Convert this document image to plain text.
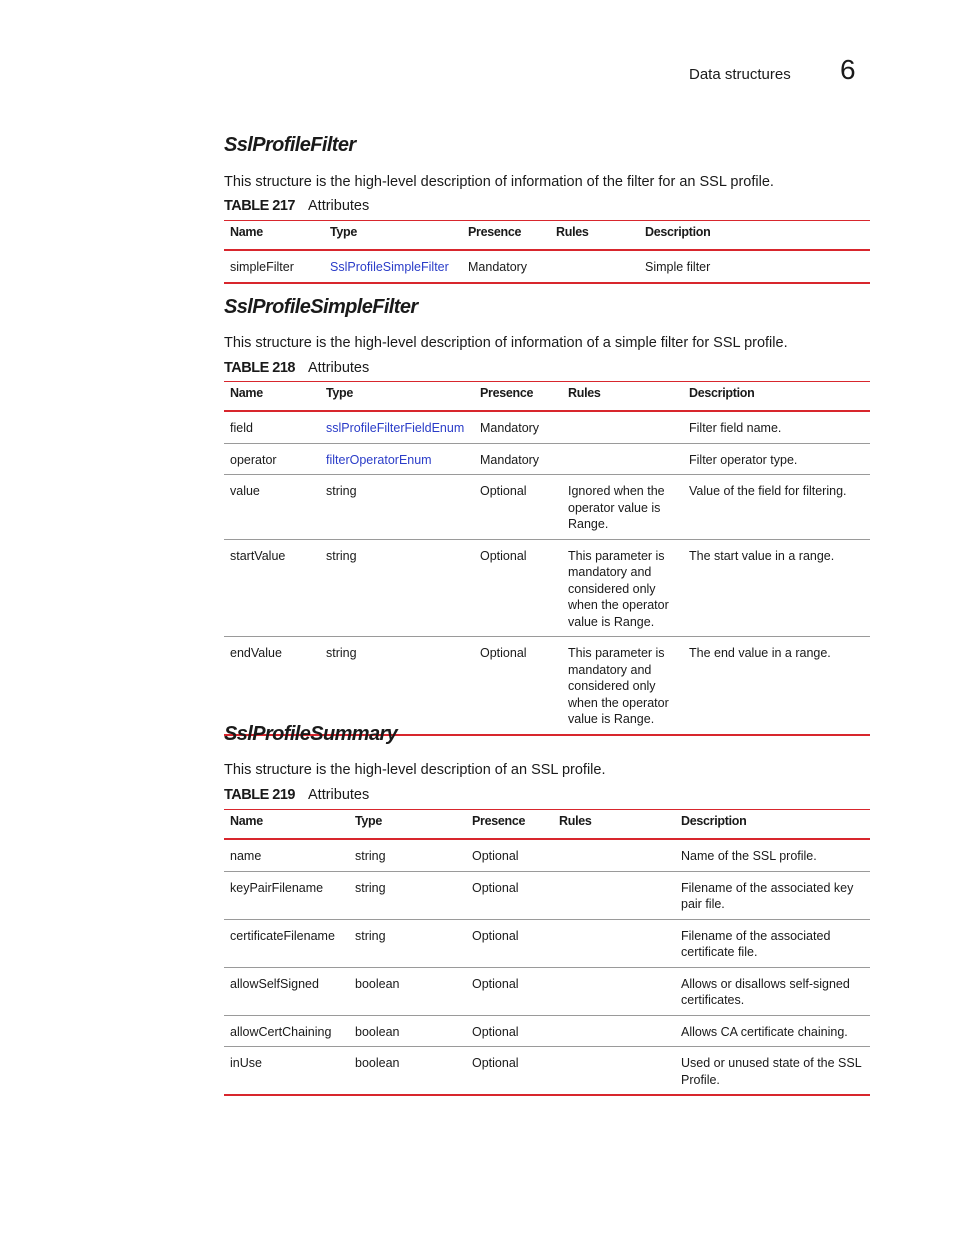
Data structures 6
SslProfileFilter

This structure is the high-level description of information of the filter for an SSL profile.

TABLE 217 Attributes
Name	Type	Presence	Rules	Description
simpleFilter	SslProfileSimpleFilter	Mandatory		Simple filter
SslProfileSimpleFilter

This structure is the high-level description of information of a simple filter for SSL profile.

TABLE 218 Attributes
Name	Type	Presence	Rules	Description
field	sslProfileFilterFieldEnum	Mandatory		Filter field name.
operator	filterOperatorEnum	Mandatory		Filter operator type.
value	string	Optional	Ignored when the operator value is Range.	Value of the field for filtering.
startValue	string	Optional	This parameter is mandatory and considered only when the operator value is Range.	The start value in a range.
endValue	string	Optional	This parameter is mandatory and considered only when the operator value is Range.	The end value in a range.
SslProfileSummary

This structure is the high-level description of an SSL profile.

TABLE 219 Attributes
Name	Type	Presence	Rules	Description
name	string	Optional		Name of the SSL profile.
keyPairFilename	string	Optional		Filename of the associated key pair file.
certificateFilename	string	Optional		Filename of the associated certificate file.
allowSelfSigned	boolean	Optional		Allows or disallows self-signed certificates.
allowCertChaining	boolean	Optional		Allows CA certificate chaining.
inUse	boolean	Optional		Used or unused state of the SSL Profile.
